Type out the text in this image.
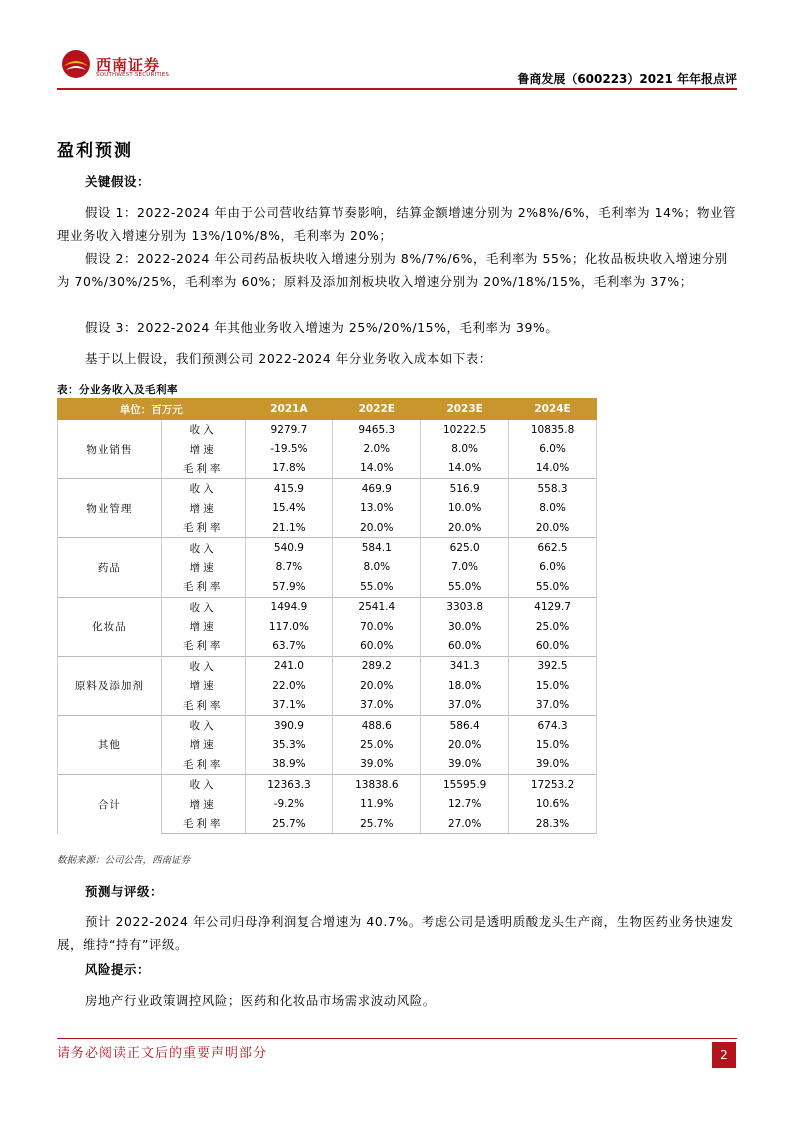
西南证券
SOUTHWEST SECURITIES	鲁商发展（600223）2021 年年报点评
盈利预测
关键假设：
假设 1：2022-2024 年由于公司营收结算节奏影响，结算金额增速分别为 2%8%/6%，毛利率为 14%；物业管理业务收入增速分别为 13%/10%/8%，毛利率为 20%；
假设 2：2022-2024 年公司药品板块收入增速分别为 8%/7%/6%，毛利率为 55%；化妆品板块收入增速分别为 70%/30%/25%，毛利率为 60%；原料及添加剂板块收入增速分别为 20%/18%/15%，毛利率为 37%；
假设 3：2022-2024 年其他业务收入增速为 25%/20%/15%，毛利率为 39%。
基于以上假设，我们预测公司 2022-2024 年分业务收入成本如下表：
表：分业务收入及毛利率
单位：百万元		2021A	2022E	2023E	2024E
物业销售	收入	9279.7	9465.3	10222.5	10835.8
	增速	-19.5%	2.0%	8.0%	6.0%
	毛利率	17.8%	14.0%	14.0%	14.0%
物业管理	收入	415.9	469.9	516.9	558.3
	增速	15.4%	13.0%	10.0%	8.0%
	毛利率	21.1%	20.0%	20.0%	20.0%
药品	收入	540.9	584.1	625.0	662.5
	增速	8.7%	8.0%	7.0%	6.0%
	毛利率	57.9%	55.0%	55.0%	55.0%
化妆品	收入	1494.9	2541.4	3303.8	4129.7
	增速	117.0%	70.0%	30.0%	25.0%
	毛利率	63.7%	60.0%	60.0%	60.0%
原料及添加剂	收入	241.0	289.2	341.3	392.5
	增速	22.0%	20.0%	18.0%	15.0%
	毛利率	37.1%	37.0%	37.0%	37.0%
其他	收入	390.9	488.6	586.4	674.3
	增速	35.3%	25.0%	20.0%	15.0%
	毛利率	38.9%	39.0%	39.0%	39.0%
合计	收入	12363.3	13838.6	15595.9	17253.2
	增速	-9.2%	11.9%	12.7%	10.6%
	毛利率	25.7%	25.7%	27.0%	28.3%
数据来源：公司公告，西南证券
预测与评级：
预计 2022-2024 年公司归母净利润复合增速为 40.7%。考虑公司是透明质酸龙头生产商，生物医药业务快速发展，维持“持有”评级。
风险提示：
房地产行业政策调控风险；医药和化妆品市场需求波动风险。
请务必阅读正文后的重要声明部分	2
